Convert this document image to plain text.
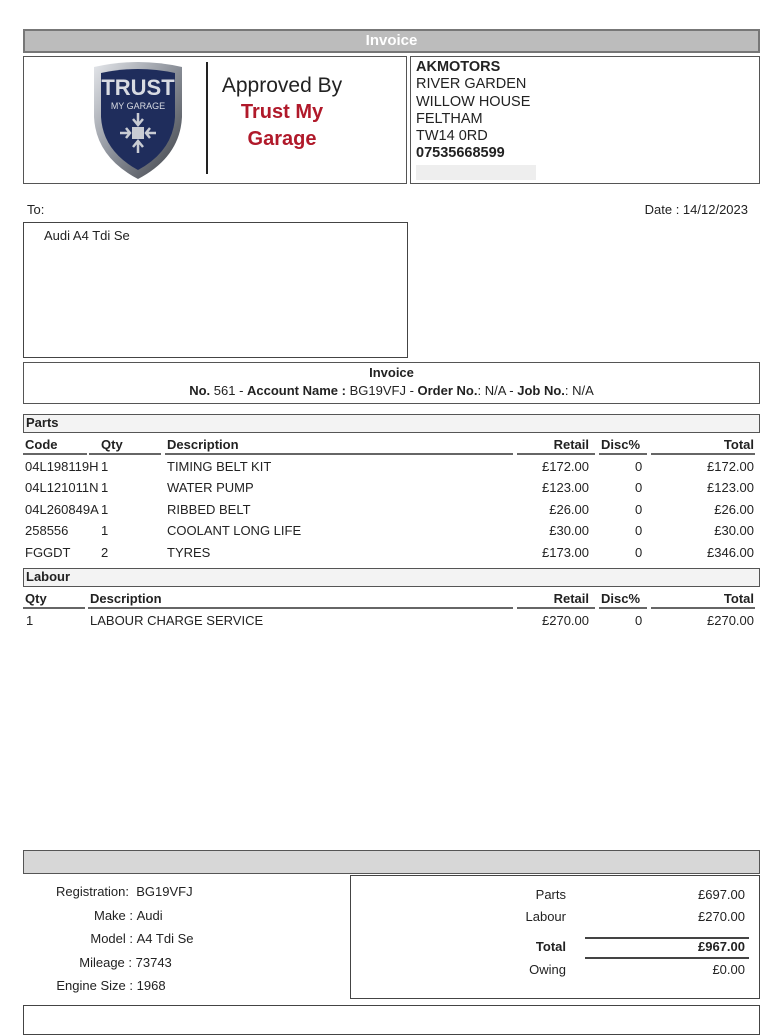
Invoice
TRUST
MY GARAGE
Approved By
Trust My
Garage
AKMOTORS
RIVER GARDEN
WILLOW HOUSE
FELTHAM
TW14 0RD
07535668599
To:	Date : 14/12/2023
Audi A4 Tdi Se
Invoice
No. 561 - Account Name : BG19VFJ - Order No.: N/A - Job No.: N/A
Parts
Code	Qty	Description	Retail Disc%	Total
04L198119H 1	TIMING BELT KIT	£172.00	0	£172.00
04L121011N 1	WATER PUMP	£123.00	0	£123.00
04L260849A 1	RIBBED BELT	£26.00	0	£26.00
258556	1	COOLANT LONG LIFE	£30.00	0	£30.00
FGGDT	2	TYRES	£173.00	0	£346.00
Labour
Qty	Description	Retail Disc%	Total
1	LABOUR CHARGE SERVICE	£270.00	0	£270.00
Registration: BG19VFJ
Make : Audi
Model : A4 Tdi Se
Mileage : 73743
Engine Size : 1968
Parts	£697.00
Labour	£270.00
Total	£967.00
Owing	£0.00
